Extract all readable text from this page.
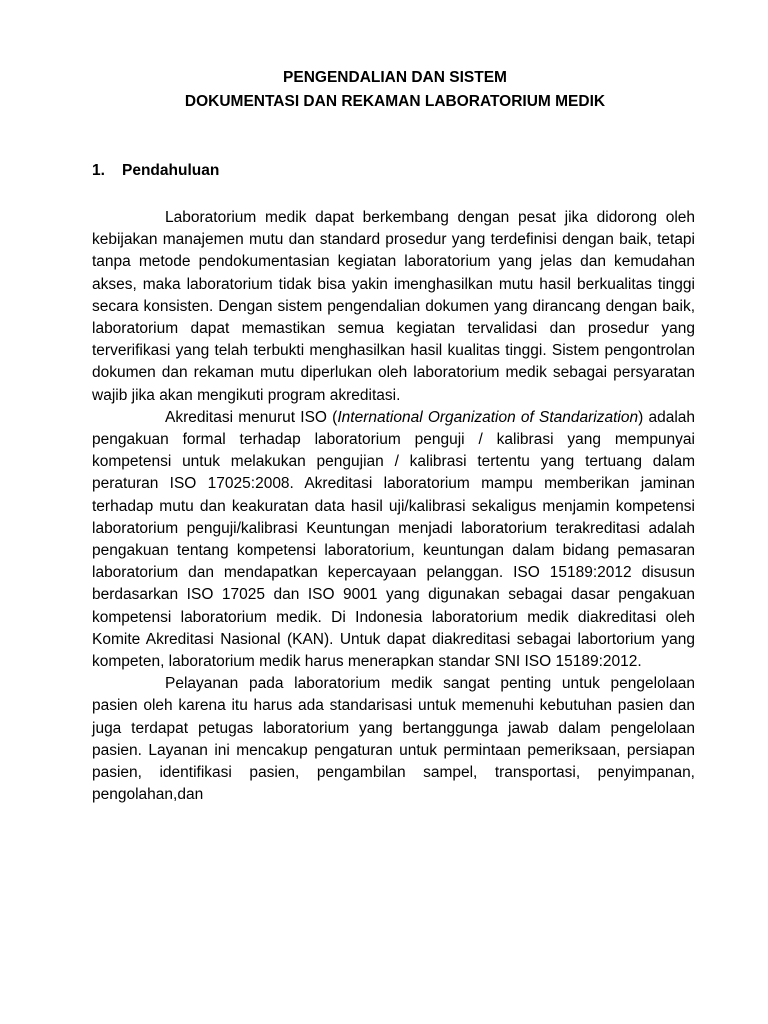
PENGENDALIAN DAN SISTEM
DOKUMENTASI DAN REKAMAN LABORATORIUM MEDIK
1. Pendahuluan

Laboratorium medik dapat berkembang dengan pesat jika didorong oleh kebijakan manajemen mutu dan standard prosedur yang terdefinisi dengan baik, tetapi tanpa metode pendokumentasian kegiatan laboratorium yang jelas dan kemudahan akses, maka laboratorium tidak bisa yakin imenghasilkan mutu hasil berkualitas tinggi secara konsisten. Dengan sistem pengendalian dokumen yang dirancang dengan baik, laboratorium dapat memastikan semua kegiatan tervalidasi dan prosedur yang terverifikasi yang telah terbukti menghasilkan hasil kualitas tinggi. Sistem pengontrolan dokumen dan rekaman mutu diperlukan oleh laboratorium medik sebagai persyaratan wajib jika akan mengikuti program akreditasi.

Akreditasi menurut ISO (International Organization of Standarization) adalah pengakuan formal terhadap laboratorium penguji / kalibrasi yang mempunyai kompetensi untuk melakukan pengujian / kalibrasi tertentu yang tertuang dalam peraturan ISO 17025:2008. Akreditasi laboratorium mampu memberikan jaminan terhadap mutu dan keakuratan data hasil uji/kalibrasi sekaligus menjamin kompetensi laboratorium penguji/kalibrasi Keuntungan menjadi laboratorium terakreditasi adalah pengakuan tentang kompetensi laboratorium, keuntungan dalam bidang pemasaran laboratorium dan mendapatkan kepercayaan pelanggan. ISO 15189:2012 disusun berdasarkan ISO 17025 dan ISO 9001 yang digunakan sebagai dasar pengakuan kompetensi laboratorium medik. Di Indonesia laboratorium medik diakreditasi oleh Komite Akreditasi Nasional (KAN). Untuk dapat diakreditasi sebagai labortorium yang kompeten, laboratorium medik harus menerapkan standar SNI ISO 15189:2012.

Pelayanan pada laboratorium medik sangat penting untuk pengelolaan pasien oleh karena itu harus ada standarisasi untuk memenuhi kebutuhan pasien dan juga terdapat petugas laboratorium yang bertanggunga jawab dalam pengelolaan pasien. Layanan ini mencakup pengaturan untuk permintaan pemeriksaan, persiapan pasien, identifikasi pasien, pengambilan sampel, transportasi, penyimpanan, pengolahan,dan
